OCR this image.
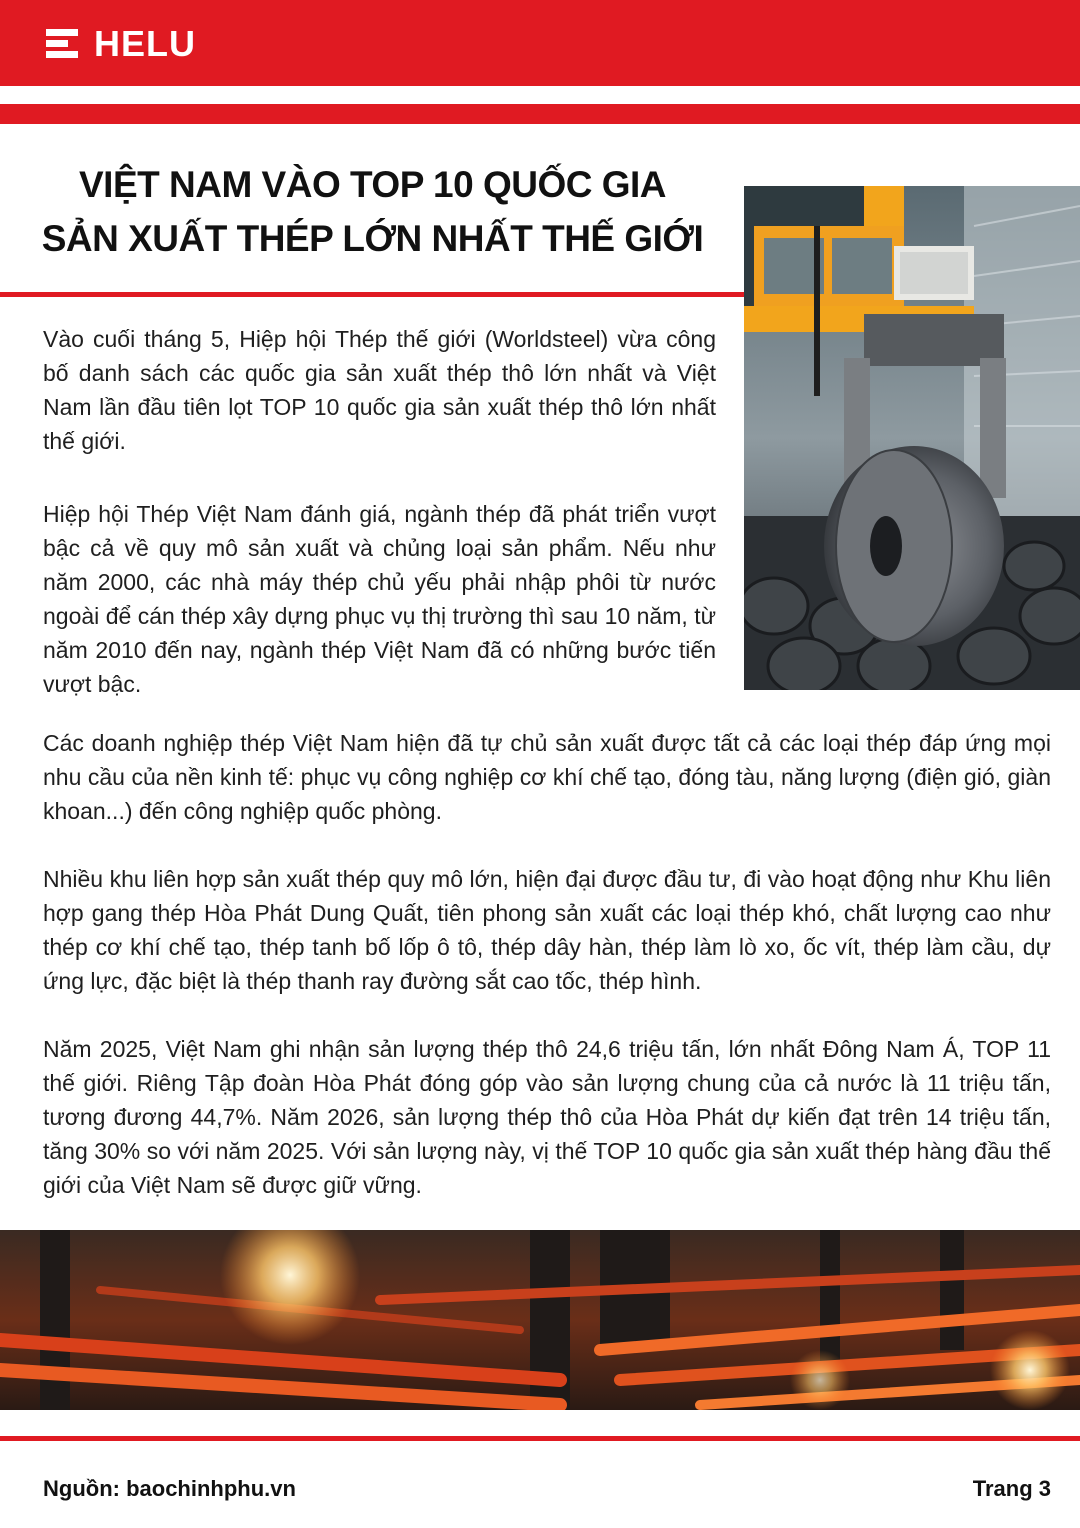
HELU
VIỆT NAM VÀO TOP 10 QUỐC GIA
SẢN XUẤT THÉP LỚN NHẤT THẾ GIỚI

Vào cuối tháng 5, Hiệp hội Thép thế giới (Worldsteel) vừa công bố danh sách các quốc gia sản xuất thép thô lớn nhất và Việt Nam lần đầu tiên lọt TOP 10 quốc gia sản xuất thép thô lớn nhất thế giới.

Hiệp hội Thép Việt Nam đánh giá, ngành thép đã phát triển vượt bậc cả về quy mô sản xuất và chủng loại sản phẩm. Nếu như năm 2000, các nhà máy thép chủ yếu phải nhập phôi từ nước ngoài để cán thép xây dựng phục vụ thị trường thì sau 10 năm, từ năm 2010 đến nay, ngành thép Việt Nam đã có những bước tiến vượt bậc.

Các doanh nghiệp thép Việt Nam hiện đã tự chủ sản xuất được tất cả các loại thép đáp ứng mọi nhu cầu của nền kinh tế: phục vụ công nghiệp cơ khí chế tạo, đóng tàu, năng lượng (điện gió, giàn khoan...) đến công nghiệp quốc phòng.

Nhiều khu liên hợp sản xuất thép quy mô lớn, hiện đại được đầu tư, đi vào hoạt động như Khu liên hợp gang thép Hòa Phát Dung Quất, tiên phong sản xuất các loại thép khó, chất lượng cao như thép cơ khí chế tạo, thép tanh bố lốp ô tô, thép dây hàn, thép làm lò xo, ốc vít, thép làm cầu, dự ứng lực, đặc biệt là thép thanh ray đường sắt cao tốc, thép hình.

Năm 2025, Việt Nam ghi nhận sản lượng thép thô 24,6 triệu tấn, lớn nhất Đông Nam Á, TOP 11 thế giới. Riêng Tập đoàn Hòa Phát đóng góp vào sản lượng chung của cả nước là 11 triệu tấn, tương đương 44,7%. Năm 2026, sản lượng thép thô của Hòa Phát dự kiến đạt trên 14 triệu tấn, tăng 30% so với năm 2025. Với sản lượng này, vị thế TOP 10 quốc gia sản xuất thép hàng đầu thế giới của Việt Nam sẽ được giữ vững.

Nguồn: baochinhphu.vn	Trang 3
